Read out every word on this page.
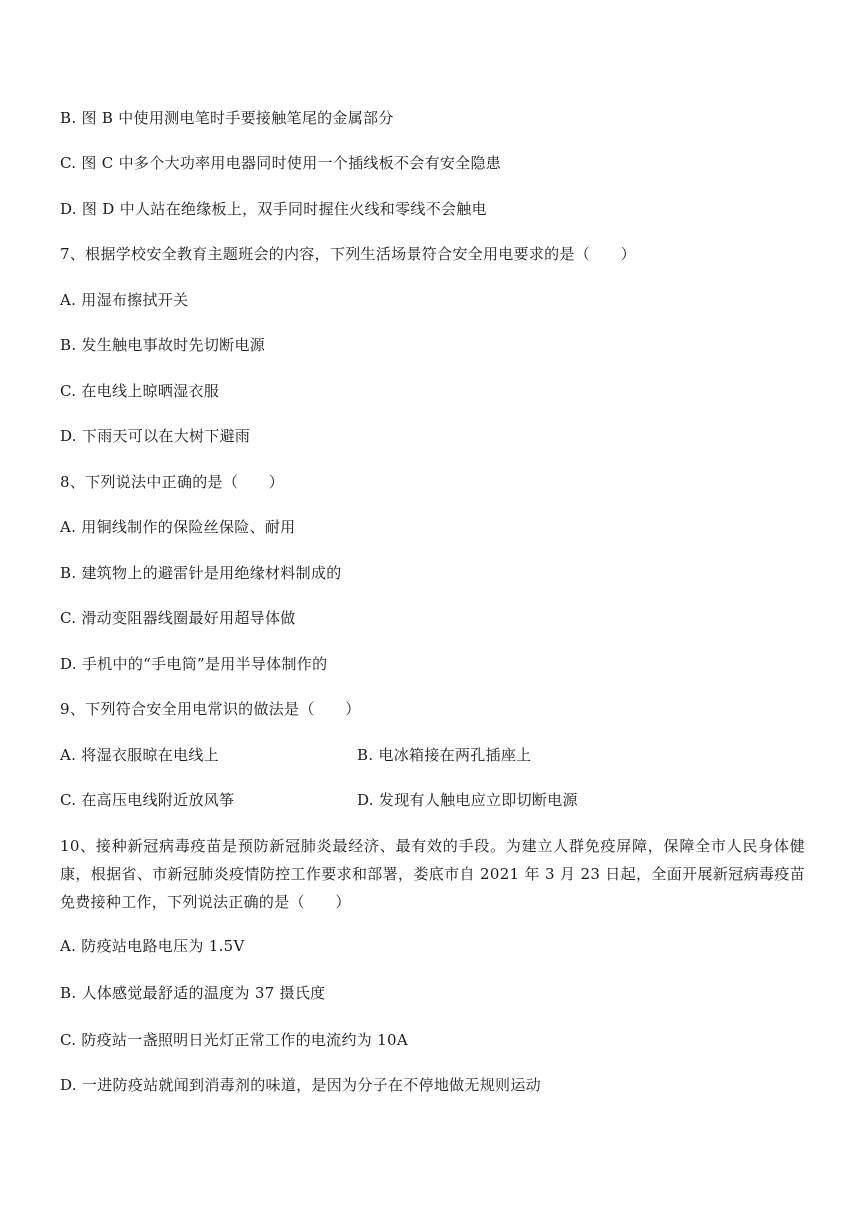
B. 图 B 中使用测电笔时手要接触笔尾的金属部分
C. 图 C 中多个大功率用电器同时使用一个插线板不会有安全隐患
D. 图 D 中人站在绝缘板上，双手同时握住火线和零线不会触电
7、根据学校安全教育主题班会的内容，下列生活场景符合安全用电要求的是（　　）
A. 用湿布擦拭开关
B. 发生触电事故时先切断电源
C. 在电线上晾晒湿衣服
D. 下雨天可以在大树下避雨
8、下列说法中正确的是（　　）
A. 用铜线制作的保险丝保险、耐用
B. 建筑物上的避雷针是用绝缘材料制成的
C. 滑动变阻器线圈最好用超导体做
D. 手机中的“手电筒”是用半导体制作的
9、下列符合安全用电常识的做法是（　　）
A. 将湿衣服晾在电线上	B. 电冰箱接在两孔插座上
C. 在高压电线附近放风筝	D. 发现有人触电应立即切断电源
10、接种新冠病毒疫苗是预防新冠肺炎最经济、最有效的手段。为建立人群免疫屏障，保障全市人民身体健康，根据省、市新冠肺炎疫情防控工作要求和部署，娄底市自 2021 年 3 月 23 日起，全面开展新冠病毒疫苗免费接种工作，下列说法正确的是（　　）
A. 防疫站电路电压为 1.5V
B. 人体感觉最舒适的温度为 37 摄氏度
C. 防疫站一盏照明日光灯正常工作的电流约为 10A
D. 一进防疫站就闻到消毒剂的味道，是因为分子在不停地做无规则运动
